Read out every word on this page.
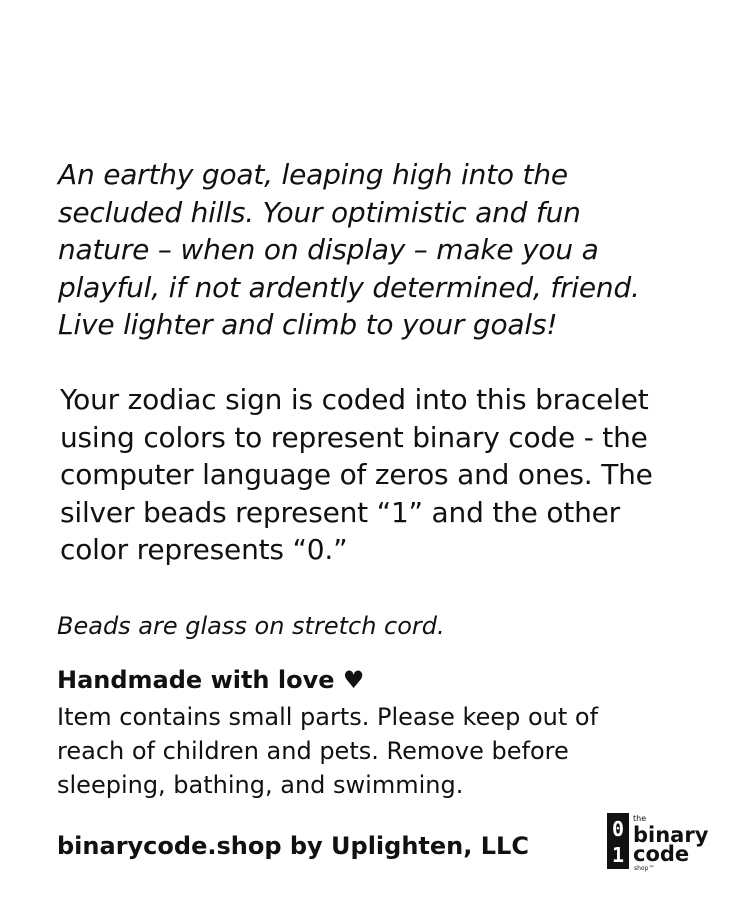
An earthy goat, leaping high into the
secluded hills. Your optimistic and fun
nature – when on display – make you a
playful, if not ardently determined, friend.
Live lighter and climb to your goals!
Your zodiac sign is coded into this bracelet
using colors to represent binary code - the
computer language of zeros and ones. The
silver beads represent “1” and the other
color represents “0.”
Beads are glass on stretch cord.
Handmade with love ♥
Item contains small parts. Please keep out of
reach of children and pets. Remove before
sleeping, bathing, and swimming.
binarycode.shop by Uplighten, LLC
0
1
the
binary
code
shop™
